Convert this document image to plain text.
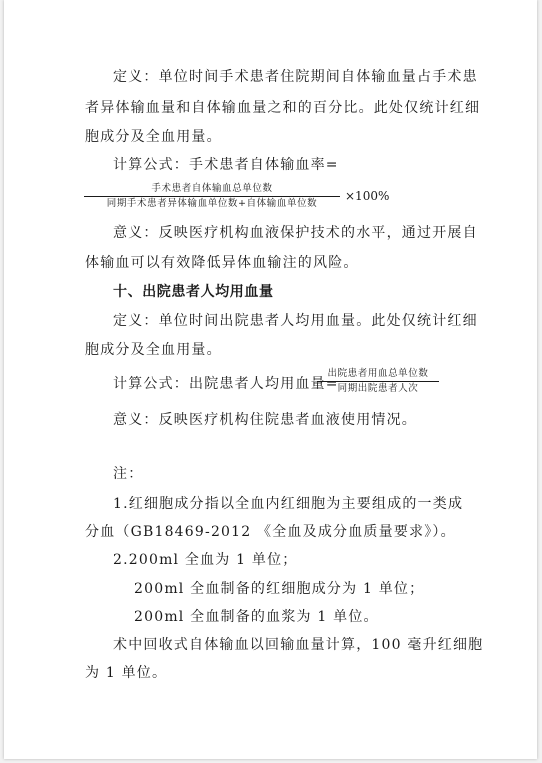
定义：单位时间手术患者住院期间自体输血量占手术患
者异体输血量和自体输血量之和的百分比。此处仅统计红细
胞成分及全血用量。
计算公式：手术患者自体输血率=
手术患者自体输血总单位数
同期手术患者异体输血单位数+自体输血单位数
×100%
意义：反映医疗机构血液保护技术的水平，通过开展自
体输血可以有效降低异体血输注的风险。
十、出院患者人均用血量
定义：单位时间出院患者人均用血量。此处仅统计红细
胞成分及全血用量。
计算公式：出院患者人均用血量=
出院患者用血总单位数
同期出院患者人次
意义：反映医疗机构住院患者血液使用情况。
注：
1.红细胞成分指以全血内红细胞为主要组成的一类成
分血（GB18469-2012 《全血及成分血质量要求》）。
2.200ml 全血为 1 单位；
200ml 全血制备的红细胞成分为 1 单位；
200ml 全血制备的血浆为 1 单位。
术中回收式自体输血以回输血量计算，100 毫升红细胞
为 1 单位。
